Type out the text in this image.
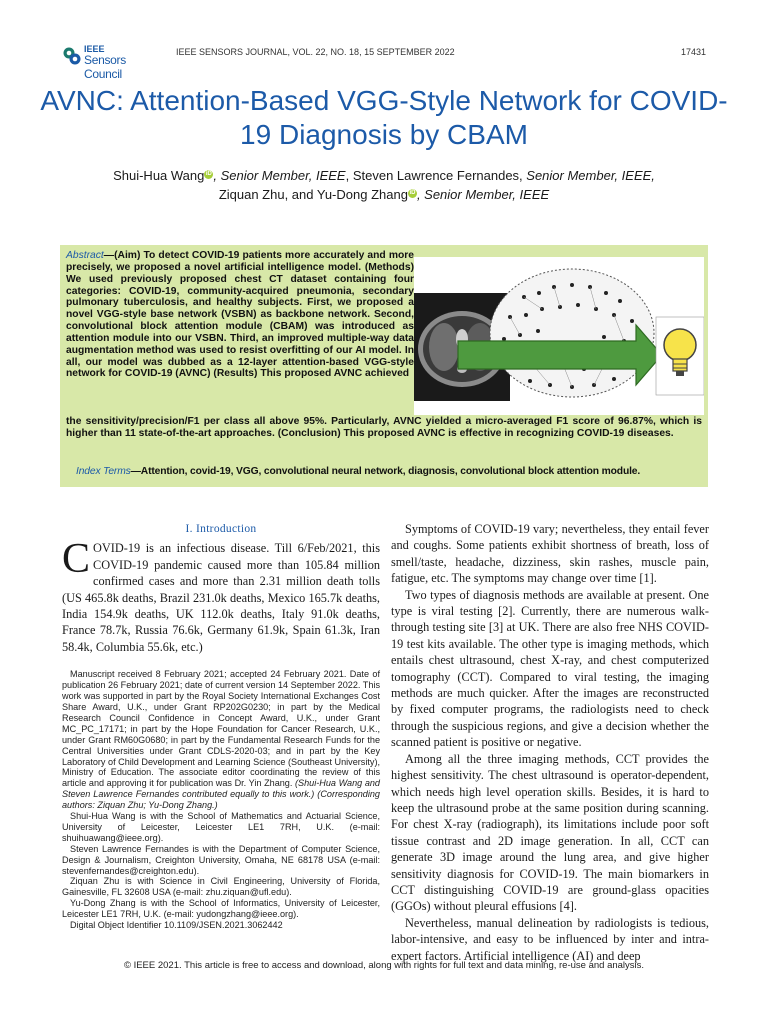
IEEE
Sensors Council
IEEE SENSORS JOURNAL, VOL. 22, NO. 18, 15 SEPTEMBER 2022	17431
AVNC: Attention-Based VGG-Style Network for COVID-19 Diagnosis by CBAM
Shui-Hua Wang iD , Senior Member, IEEE, Steven Lawrence Fernandes, Senior Member, IEEE,
Ziquan Zhu, and Yu-Dong Zhang iD , Senior Member, IEEE
Abstract—(Aim) To detect COVID-19 patients more accurately and more precisely, we proposed a novel artificial intelligence model. (Methods) We used previously proposed chest CT dataset containing four categories: COVID-19, community-acquired pneumonia, secondary pulmonary tuberculosis, and healthy subjects. First, we proposed a novel VGG-style base network (VSBN) as backbone network. Second, convolutional block attention module (CBAM) was introduced as attention module into our VSBN. Third, an improved multiple-way data augmentation method was used to resist overfitting of our AI model. In all, our model was dubbed as a 12-layer attention-based VGG-style network for COVID-19 (AVNC) (Results) This proposed AVNC achieved
the sensitivity/precision/F1 per class all above 95%. Particularly, AVNC yielded a micro-averaged F1 score of 96.87%, which is higher than 11 state-of-the-art approaches. (Conclusion) This proposed AVNC is effective in recognizing COVID-19 diseases.
Index Terms—Attention, covid-19, VGG, convolutional neural network, diagnosis, convolutional block attention module.
I. Introduction

COVID-19 is an infectious disease. Till 6/Feb/2021, this COVID-19 pandemic caused more than 105.84 million confirmed cases and more than 2.31 million death tolls (US 465.8k deaths, Brazil 231.0k deaths, Mexico 165.7k deaths, India 154.9k deaths, UK 112.0k deaths, Italy 91.0k deaths, France 78.7k, Russia 76.6k, Germany 61.9k, Spain 61.3k, Iran 58.4k, Columbia 55.6k, etc.)

Manuscript received 8 February 2021; accepted 24 February 2021. Date of publication 26 February 2021; date of current version 14 September 2022. This work was supported in part by the Royal Society International Exchanges Cost Share Award, U.K., under Grant RP202G0230; in part by the Medical Research Council Confidence in Concept Award, U.K., under Grant MC_PC_17171; in part by the Hope Foundation for Cancer Research, U.K., under Grant RM60G0680; in part by the Fundamental Research Funds for the Central Universities under Grant CDLS-2020-03; and in part by the Key Laboratory of Child Development and Learning Science (Southeast University), Ministry of Education. The associate editor coordinating the review of this article and approving it for publication was Dr. Yin Zhang. (Shui-Hua Wang and Steven Lawrence Fernandes contributed equally to this work.) (Corresponding authors: Ziquan Zhu; Yu-Dong Zhang.)

Shui-Hua Wang is with the School of Mathematics and Actuarial Science, University of Leicester, Leicester LE1 7RH, U.K. (e-mail: shuihuawang@ieee.org).

Steven Lawrence Fernandes is with the Department of Computer Science, Design & Journalism, Creighton University, Omaha, NE 68178 USA (e-mail: stevenfernandes@creighton.edu).

Ziquan Zhu is with Science in Civil Engineering, University of Florida, Gainesville, FL 32608 USA (e-mail: zhu.ziquan@ufl.edu).

Yu-Dong Zhang is with the School of Informatics, University of Leicester, Leicester LE1 7RH, U.K. (e-mail: yudongzhang@ieee.org).

Digital Object Identifier 10.1109/JSEN.2021.3062442

Symptoms of COVID-19 vary; nevertheless, they entail fever and coughs. Some patients exhibit shortness of breath, loss of smell/taste, headache, dizziness, skin rashes, muscle pain, fatigue, etc. The symptoms may change over time [1].

Two types of diagnosis methods are available at present. One type is viral testing [2]. Currently, there are numerous walk-through testing site [3] at UK. There are also free NHS COVID-19 test kits available. The other type is imaging methods, which entails chest ultrasound, chest X-ray, and chest computerized tomography (CCT). Compared to viral testing, the imaging methods are much quicker. After the images are reconstructed by fixed computer programs, the radiologists need to check through the suspicious regions, and give a decision whether the scanned patient is positive or negative.

Among all the three imaging methods, CCT provides the highest sensitivity. The chest ultrasound is operator-dependent, which needs high level operation skills. Besides, it is hard to keep the ultrasound probe at the same position during scanning. For chest X-ray (radiograph), its limitations include poor soft tissue contrast and 2D image generation. In all, CCT can generate 3D image around the lung area, and give higher sensitivity diagnosis for COVID-19. The main biomarkers in CCT distinguishing COVID-19 are ground-glass opacities (GGOs) without pleural effusions [4].

Nevertheless, manual delineation by radiologists is tedious, labor-intensive, and easy to be influenced by inter and intra-expert factors. Artificial intelligence (AI) and deep

© IEEE 2021. This article is free to access and download, along with rights for full text and data mining, re-use and analysis.
